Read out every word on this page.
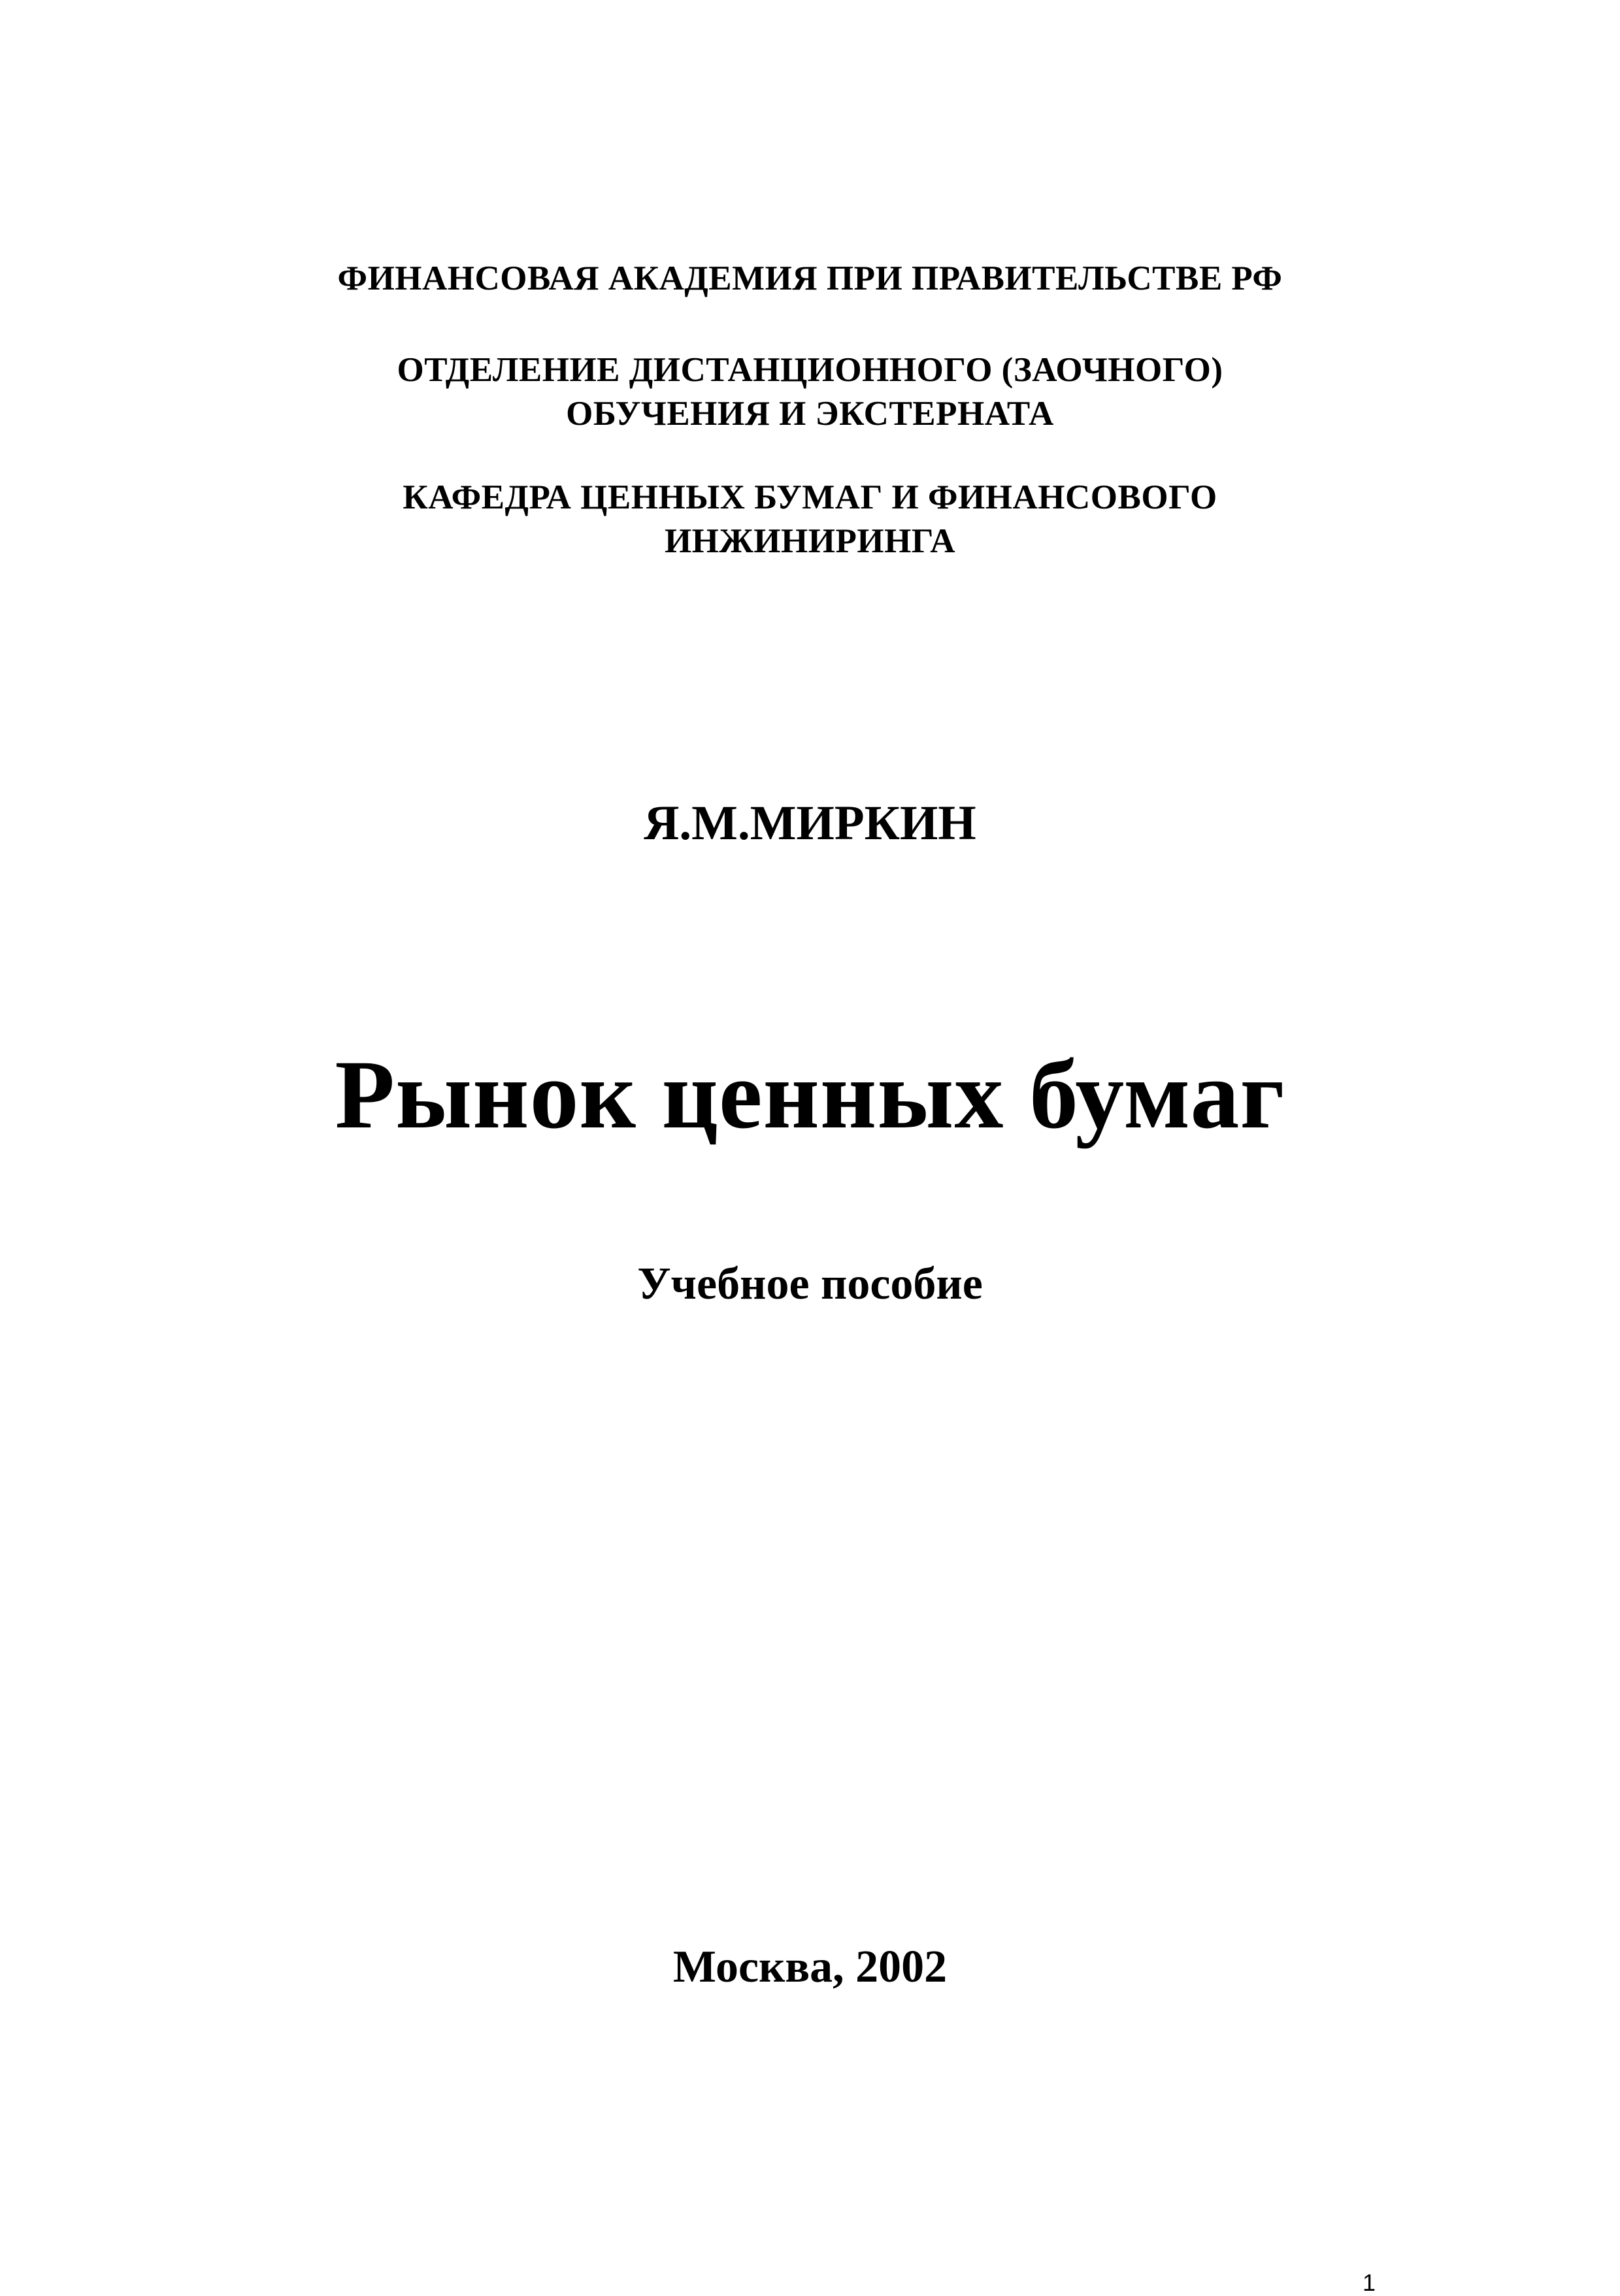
ФИНАНСОВАЯ АКАДЕМИЯ ПРИ ПРАВИТЕЛЬСТВЕ РФ

ОТДЕЛЕНИЕ ДИСТАНЦИОННОГО (ЗАОЧНОГО)

ОБУЧЕНИЯ И ЭКСТЕРНАТА

КАФЕДРА ЦЕННЫХ БУМАГ И ФИНАНСОВОГО

ИНЖИНИРИНГА

Я.М.МИРКИН

Рынок ценных бумаг

Учебное пособие

Москва, 2002

1
